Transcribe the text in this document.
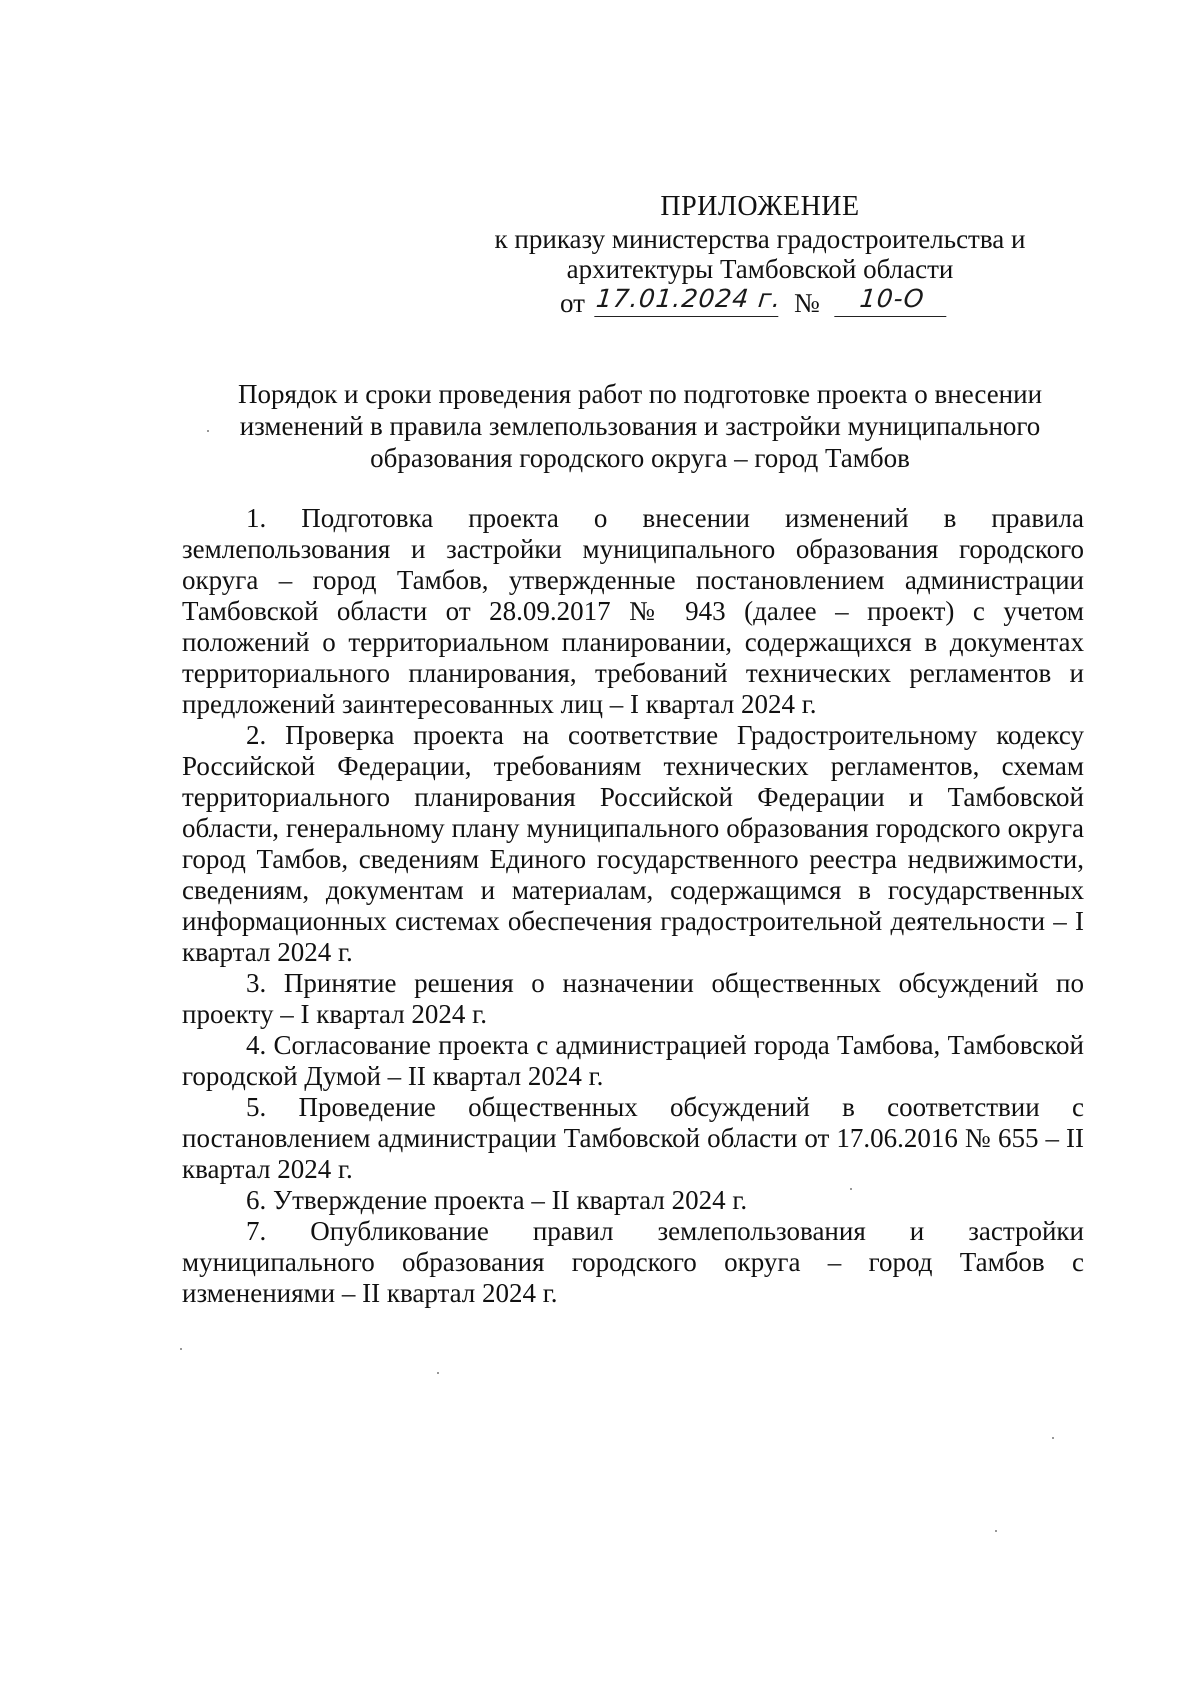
ПРИЛОЖЕНИЕ
к приказу министерства градостроительства и
архитектуры Тамбовской области
от 17.01.2024 г. №	10-О
Порядок и сроки проведения работ по подготовке проекта о внесении
изменений в правила землепользования и застройки муниципального
образования городского округа – город Тамбов

1. Подготовка проекта о внесении изменений в правила землепользования и застройки муниципального образования городского округа – город Тамбов, утвержденные постановлением администрации Тамбовской области от 28.09.2017 № 943 (далее – проект) с учетом положений о территориальном планировании, содержащихся в документах территориального планирования, требований технических регламентов и предложений заинтересованных лиц – I квартал 2024 г.

2. Проверка проекта на соответствие Градостроительному кодексу Российской Федерации, требованиям технических регламентов, схемам территориального планирования Российской Федерации и Тамбовской области, генеральному плану муниципального образования городского округа город Тамбов, сведениям Единого государственного реестра недвижимости, сведениям, документам и материалам, содержащимся в государственных информационных системах обеспечения градостроительной деятельности – I квартал 2024 г.

3. Принятие решения о назначении общественных обсуждений по проекту – I квартал 2024 г.

4. Согласование проекта с администрацией города Тамбова, Тамбовской городской Думой – II квартал 2024 г.

5. Проведение общественных обсуждений в соответствии с постановлением администрации Тамбовской области от 17.06.2016 № 655 – II квартал 2024 г.

6. Утверждение проекта – II квартал 2024 г.

7. Опубликование правил землепользования и застройки муниципального образования городского округа – город Тамбов с изменениями – II квартал 2024 г.
